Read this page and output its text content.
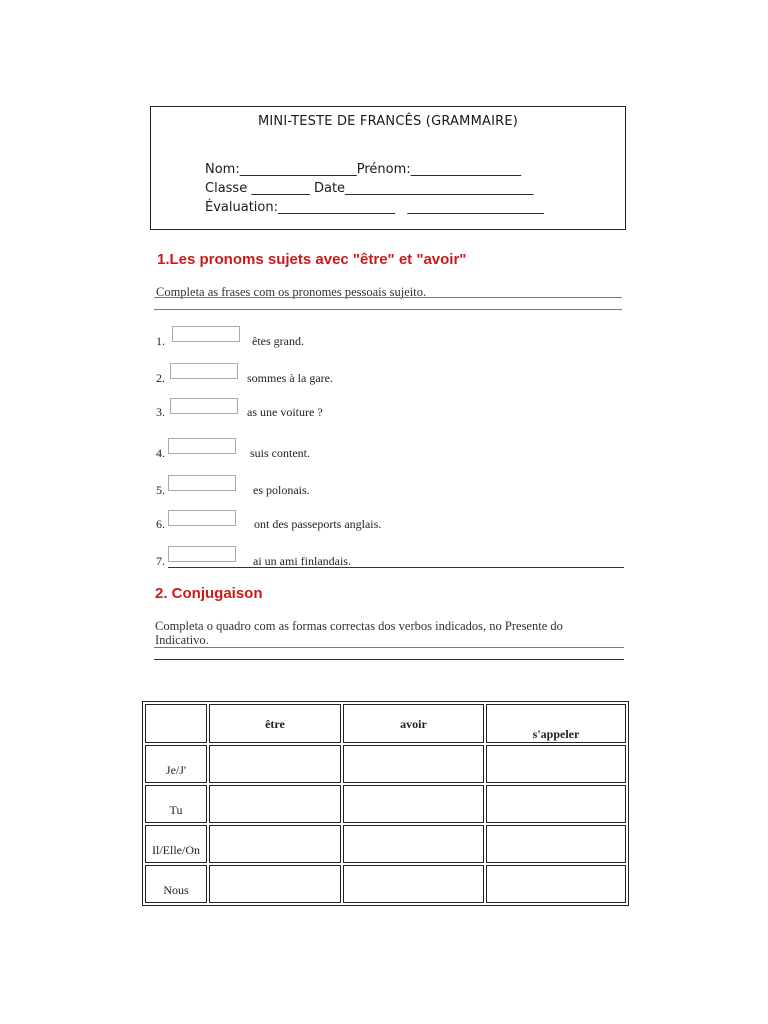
MINI-TESTE DE FRANCÊS (GRAMMAIRE)
Nom:__________________Prénom:_________________
Classe _________ Date_____________________________
Évaluation:__________________   _____________________
1.Les pronoms sujets avec "être" et "avoir"
Completa as frases com os pronomes pessoais sujeito.
1.	êtes grand.
2.	sommes à la gare.
3.	as une voiture ?
4.	suis content.
5.	es polonais.
6.	ont des passeports anglais.
7.	ai un ami finlandais.
2. Conjugaison
Completa o quadro com as formas correctas dos verbos indicados, no Presente do
Indicativo.
	être	avoir	s'appeler
Je/J'			
Tu			
Il/Elle/On			
Nous			
